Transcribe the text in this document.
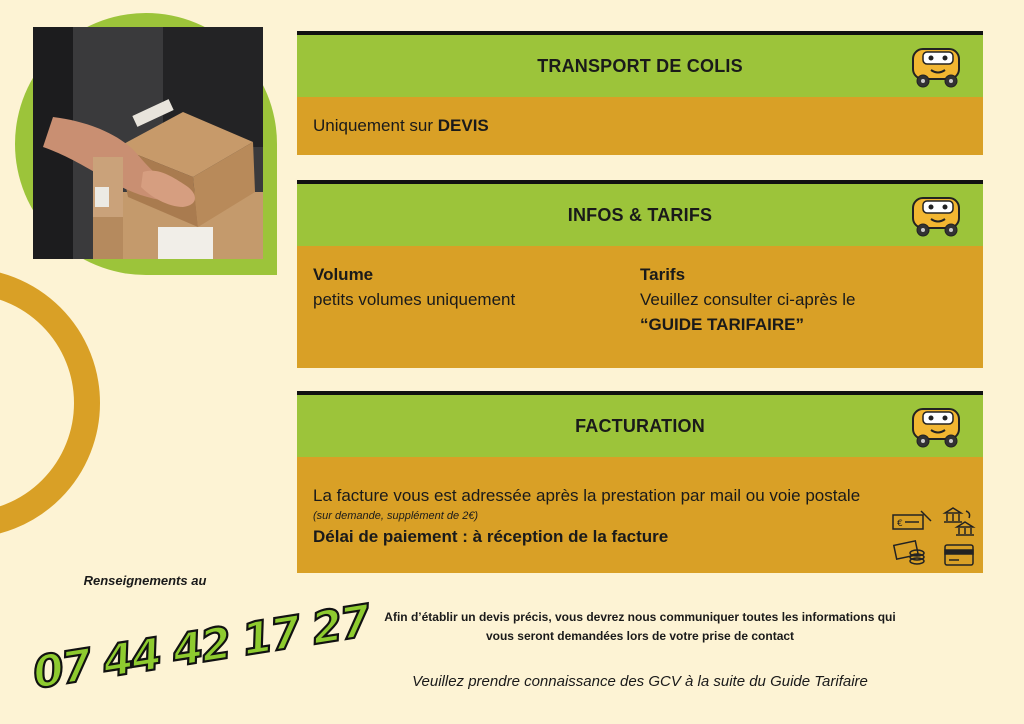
TRANSPORT DE COLIS
Uniquement sur DEVIS
INFOS & TARIFS
Volume
petits volumes uniquement
Tarifs
Veuillez consulter ci-après le
“GUIDE TARIFAIRE”
FACTURATION
La facture vous est adressée après la prestation par mail ou voie postale
(sur demande, supplément de 2€)
Délai de paiement : à réception de la facture
€
Renseignements au
07 44 42 17 27 Afin d’établir un devis précis, vous devrez nous communiquer toutes les informations qui
vous seront demandées lors de votre prise de contact
Veuillez prendre connaissance des GCV à la suite du Guide Tarifaire
